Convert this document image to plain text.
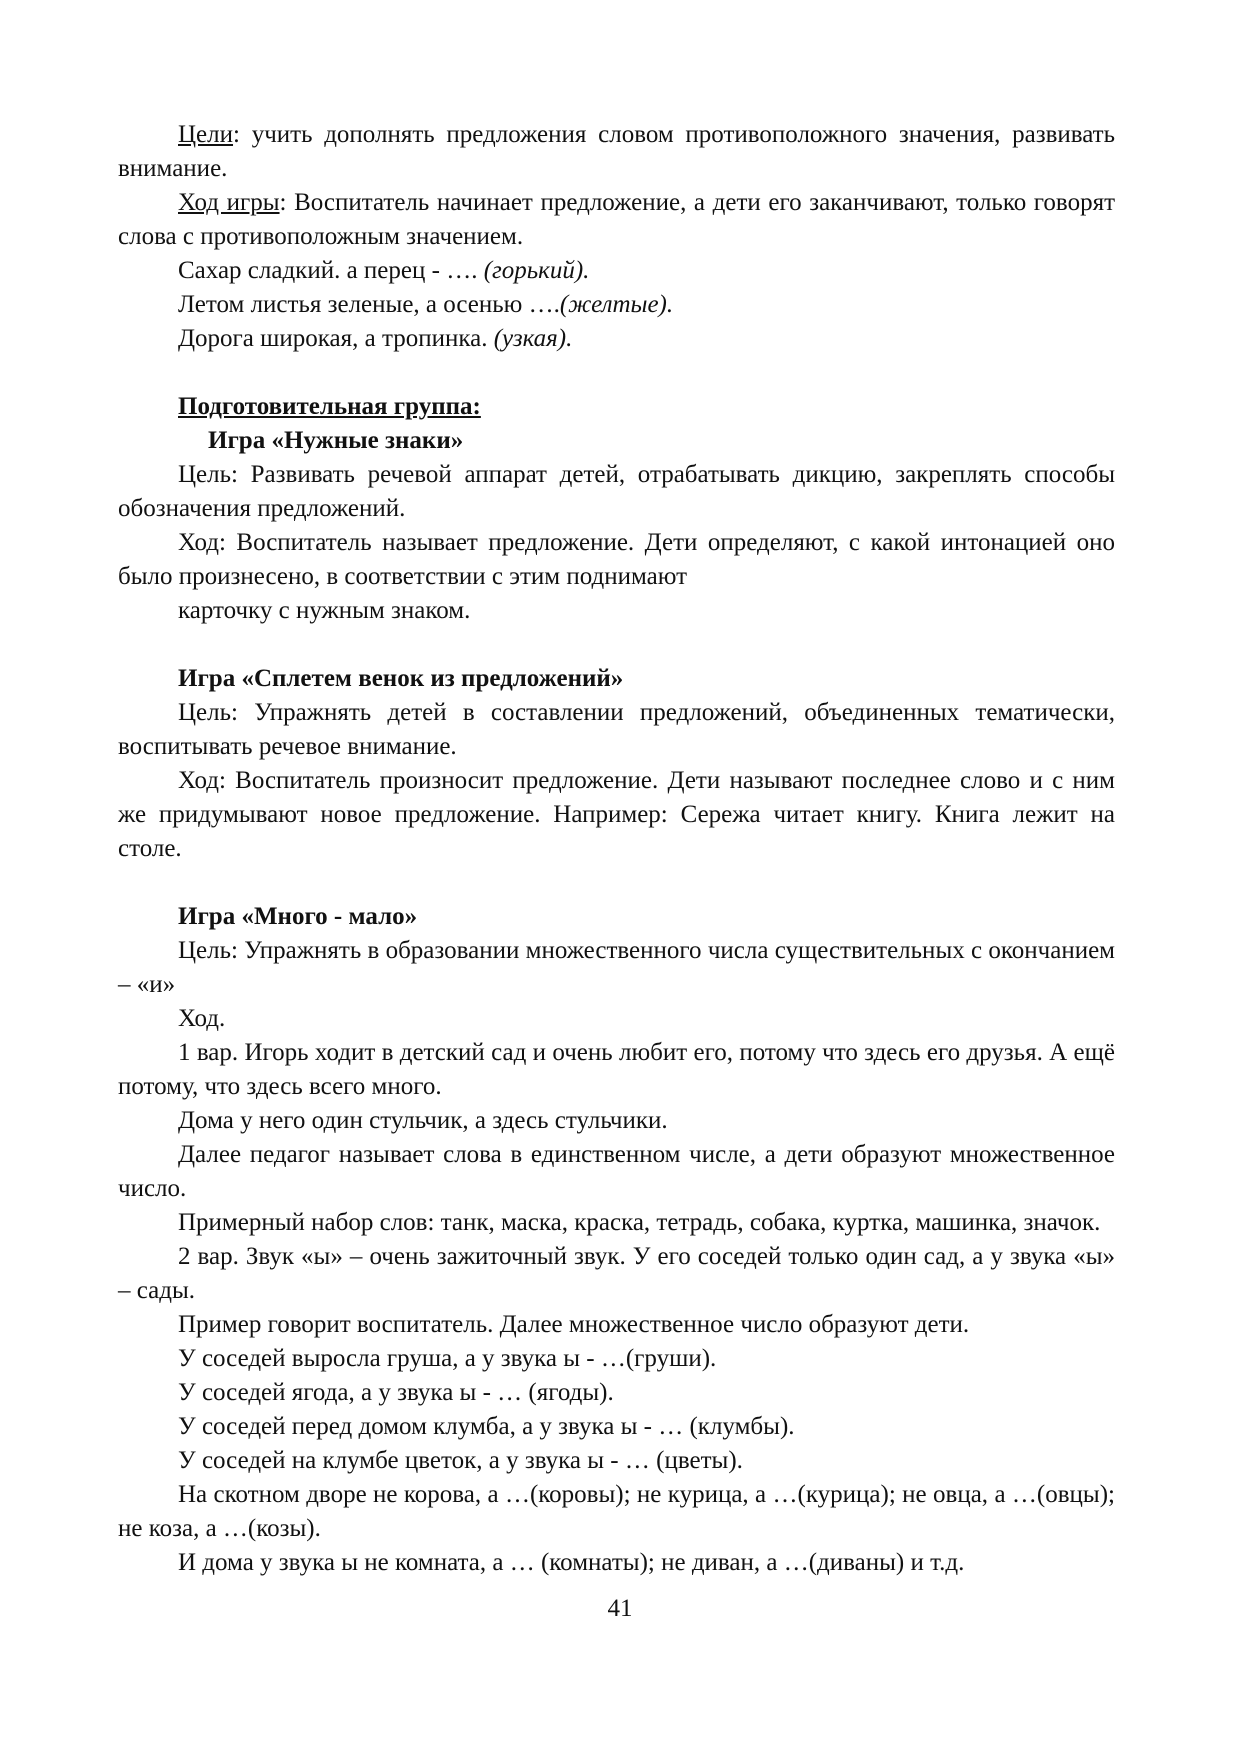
Цели: учить дополнять предложения словом противоположного значения, развивать внимание.

Ход игры: Воспитатель начинает предложение, а дети его заканчивают, только говорят слова с противоположным значением.

Сахар сладкий. а перец - …. (горький).

Летом листья зеленые, а осенью ….(желтые).

Дорога широкая, а тропинка. (узкая).

Подготовительная группа:

Игра «Нужные знаки»

Цель: Развивать речевой аппарат детей, отрабатывать дикцию, закреплять способы обозначения предложений.

Ход: Воспитатель называет предложение. Дети определяют, с какой интонацией оно было произнесено, в соответствии с этим поднимают

карточку с нужным знаком.

Игра «Сплетем венок из предложений»

Цель: Упражнять детей в составлении предложений, объединенных тематически, воспитывать речевое внимание.

Ход: Воспитатель произносит предложение. Дети называют последнее слово и с ним же придумывают новое предложение. Например: Сережа читает книгу. Книга лежит на столе.

Игра «Много - мало»

Цель: Упражнять в образовании множественного числа существительных с окончанием – «и»

Ход.

1 вар. Игорь ходит в детский сад и очень любит его, потому что здесь его друзья. А ещё потому, что здесь всего много.

Дома у него один стульчик, а здесь стульчики.

Далее педагог называет слова в единственном числе, а дети образуют множественное число.

Примерный набор слов: танк, маска, краска, тетрадь, собака, куртка, машинка, значок.

2 вар. Звук «ы» – очень зажиточный звук. У его соседей только один сад, а у звука «ы» – сады.

Пример говорит воспитатель. Далее множественное число образуют дети.

У соседей выросла груша, а у звука ы - …(груши).

У соседей ягода, а у звука ы - … (ягоды).

У соседей перед домом клумба, а у звука ы - … (клумбы).

У соседей на клумбе цветок, а у звука ы - … (цветы).

На скотном дворе не корова, а …(коровы); не курица, а …(курица); не овца, а …(овцы); не коза, а …(козы).

И дома у звука ы не комната, а … (комнаты); не диван, а …(диваны) и т.д.

41
